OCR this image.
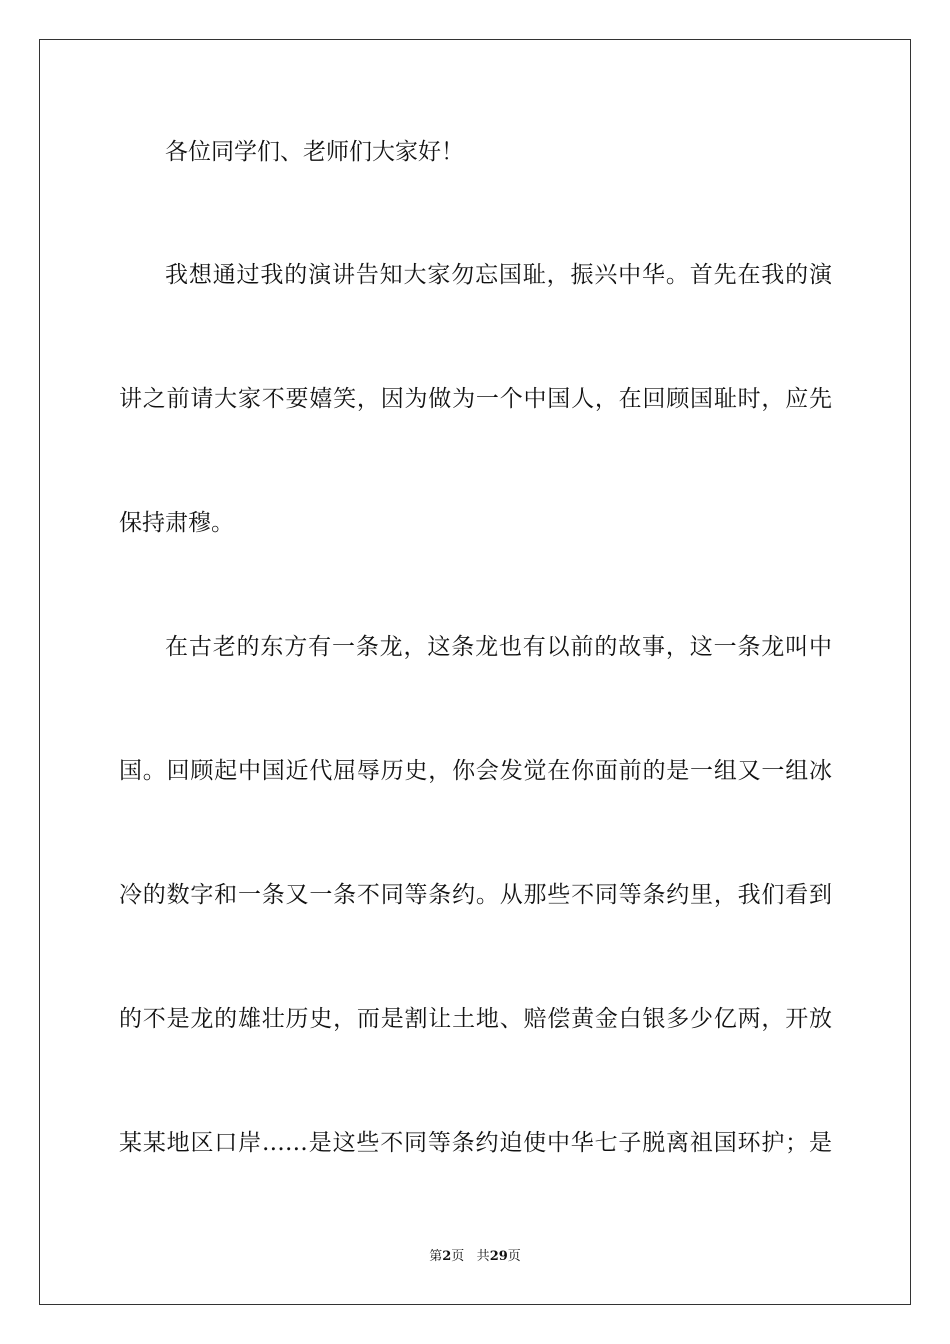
各位同学们、老师们大家好！
我想通过我的演讲告知大家勿忘国耻，振兴中华。首先在我的演
讲之前请大家不要嬉笑，因为做为一个中国人，在回顾国耻时，应先
保持肃穆。
在古老的东方有一条龙，这条龙也有以前的故事，这一条龙叫中
国。回顾起中国近代屈辱历史，你会发觉在你面前的是一组又一组冰
冷的数字和一条又一条不同等条约。从那些不同等条约里，我们看到
的不是龙的雄壮历史，而是割让土地、赔偿黄金白银多少亿两，开放
某某地区口岸……是这些不同等条约迫使中华七子脱离祖国环护；是
第2页 共29页
